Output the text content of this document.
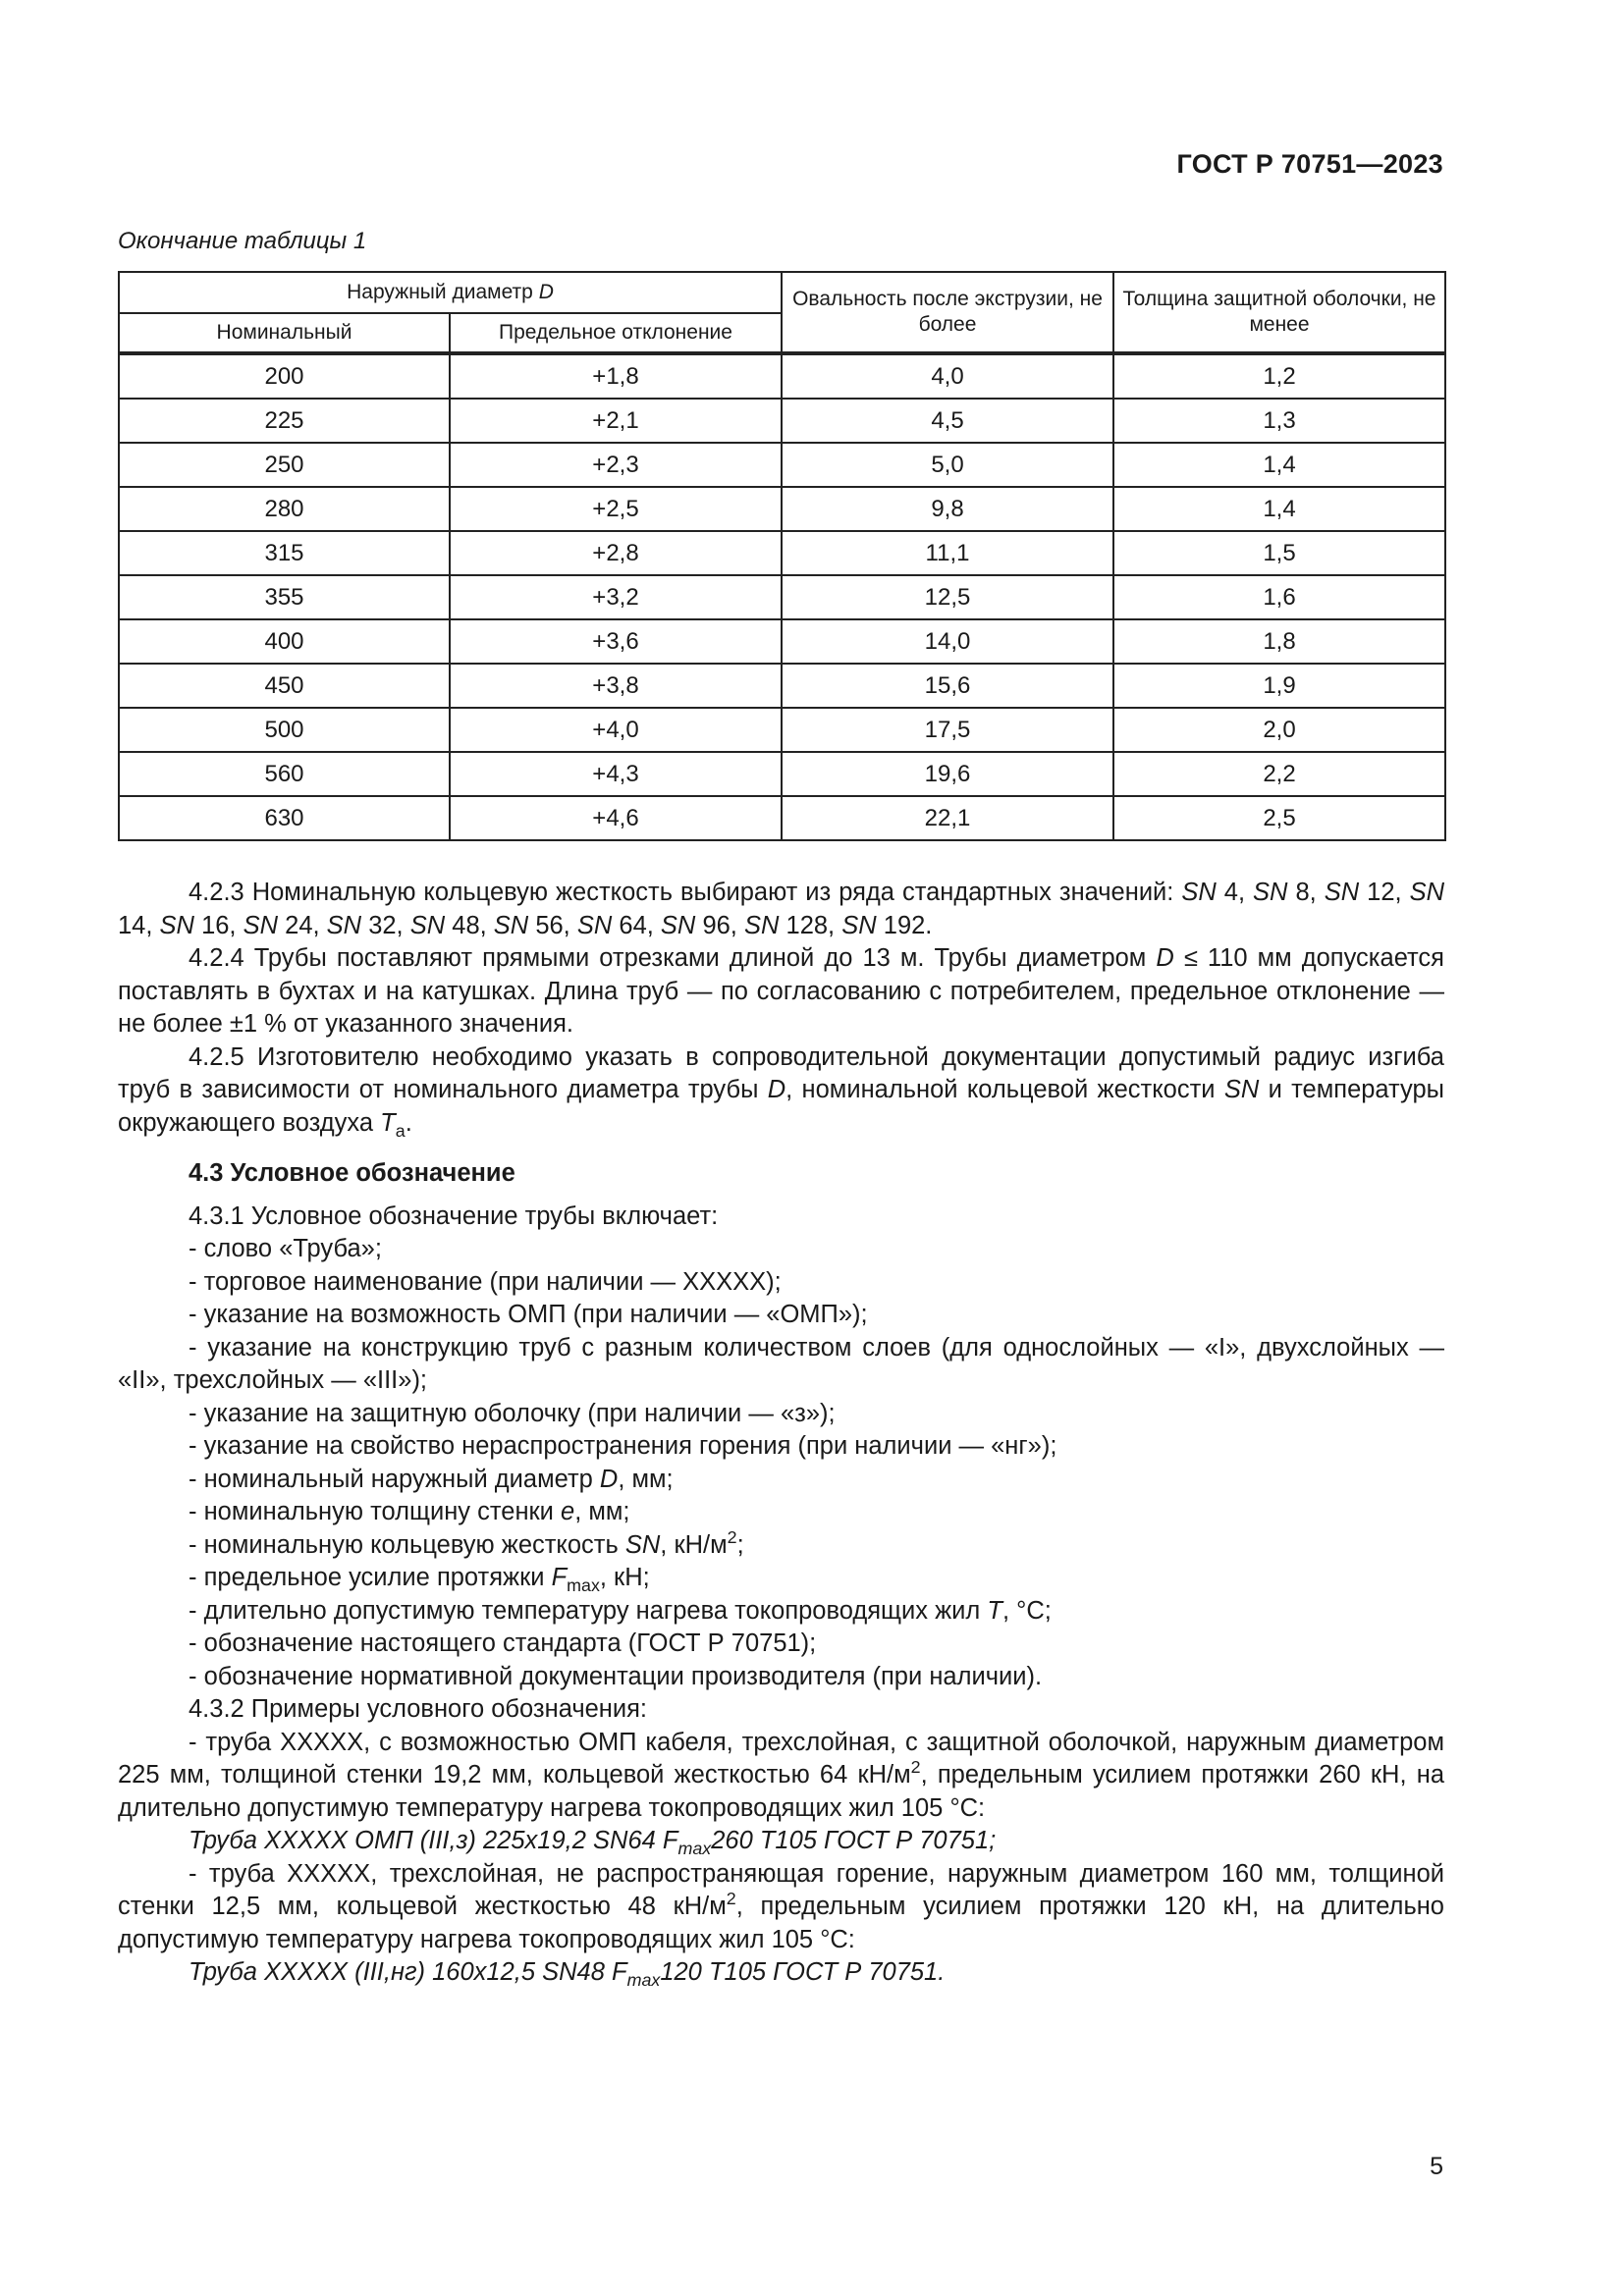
ГОСТ Р 70751—2023
Окончание таблицы 1
Наружный диаметр D		Овальность после экструзии, не более	Толщина защитной оболочки, не менее
Номинальный	Предельное отклонение		
200	+1,8	4,0	1,2
225	+2,1	4,5	1,3
250	+2,3	5,0	1,4
280	+2,5	9,8	1,4
315	+2,8	11,1	1,5
355	+3,2	12,5	1,6
400	+3,6	14,0	1,8
450	+3,8	15,6	1,9
500	+4,0	17,5	2,0
560	+4,3	19,6	2,2
630	+4,6	22,1	2,5

4.2.3 Номинальную кольцевую жесткость выбирают из ряда стандартных значений: SN 4, SN 8, SN 12, SN 14, SN 16, SN 24, SN 32, SN 48, SN 56, SN 64, SN 96, SN 128, SN 192.

4.2.4 Трубы поставляют прямыми отрезками длиной до 13 м. Трубы диаметром D ≤ 110 мм допускается поставлять в бухтах и на катушках. Длина труб — по согласованию с потребителем, предельное отклонение — не более ±1 % от указанного значения.

4.2.5 Изготовителю необходимо указать в сопроводительной документации допустимый радиус изгиба труб в зависимости от номинального диаметра трубы D, номинальной кольцевой жесткости SN и температуры окружающего воздуха $T_а$.

4.3 Условное обозначение

4.3.1 Условное обозначение трубы включает:

- слово «Труба»;

- торговое наименование (при наличии — ХХХХХ);

- указание на возможность ОМП (при наличии — «ОМП»);

- указание на конструкцию труб с разным количеством слоев (для однослойных — «I», двухслойных — «II», трехслойных — «III»);

- указание на защитную оболочку (при наличии — «з»);

- указание на свойство нераспространения горения (при наличии — «нг»);

- номинальный наружный диаметр D, мм;

- номинальную толщину стенки e, мм;

- номинальную кольцевую жесткость SN, $кН/м^2$;

- предельное усилие протяжки $F_{max}$, кН;

- длительно допустимую температуру нагрева токопроводящих жил T, °С;

- обозначение настоящего стандарта (ГОСТ Р 70751);

- обозначение нормативной документации производителя (при наличии).

4.3.2 Примеры условного обозначения:

- труба ХХХХХ, с возможностью ОМП кабеля, трехслойная, с защитной оболочкой, наружным диаметром 225 мм, толщиной стенки 19,2 мм, кольцевой жесткостью 64 $кН/м^2$, предельным усилием протяжки 260 кН, на длительно допустимую температуру нагрева токопроводящих жил 105 °С:

Труба ХХХХХ ОМП (III,з) 225x19,2 SN64 $F_{max}260$ T105 ГОСТ Р 70751;

- труба ХХХХХ, трехслойная, не распространяющая горение, наружным диаметром 160 мм, толщиной стенки 12,5 мм, кольцевой жесткостью 48 $кН/м^2$, предельным усилием протяжки 120 кН, на длительно допустимую температуру нагрева токопроводящих жил 105 °С:

Труба ХХХХХ (III,нг) 160x12,5 SN48 $F_{max}120$ T105 ГОСТ Р 70751.

5
